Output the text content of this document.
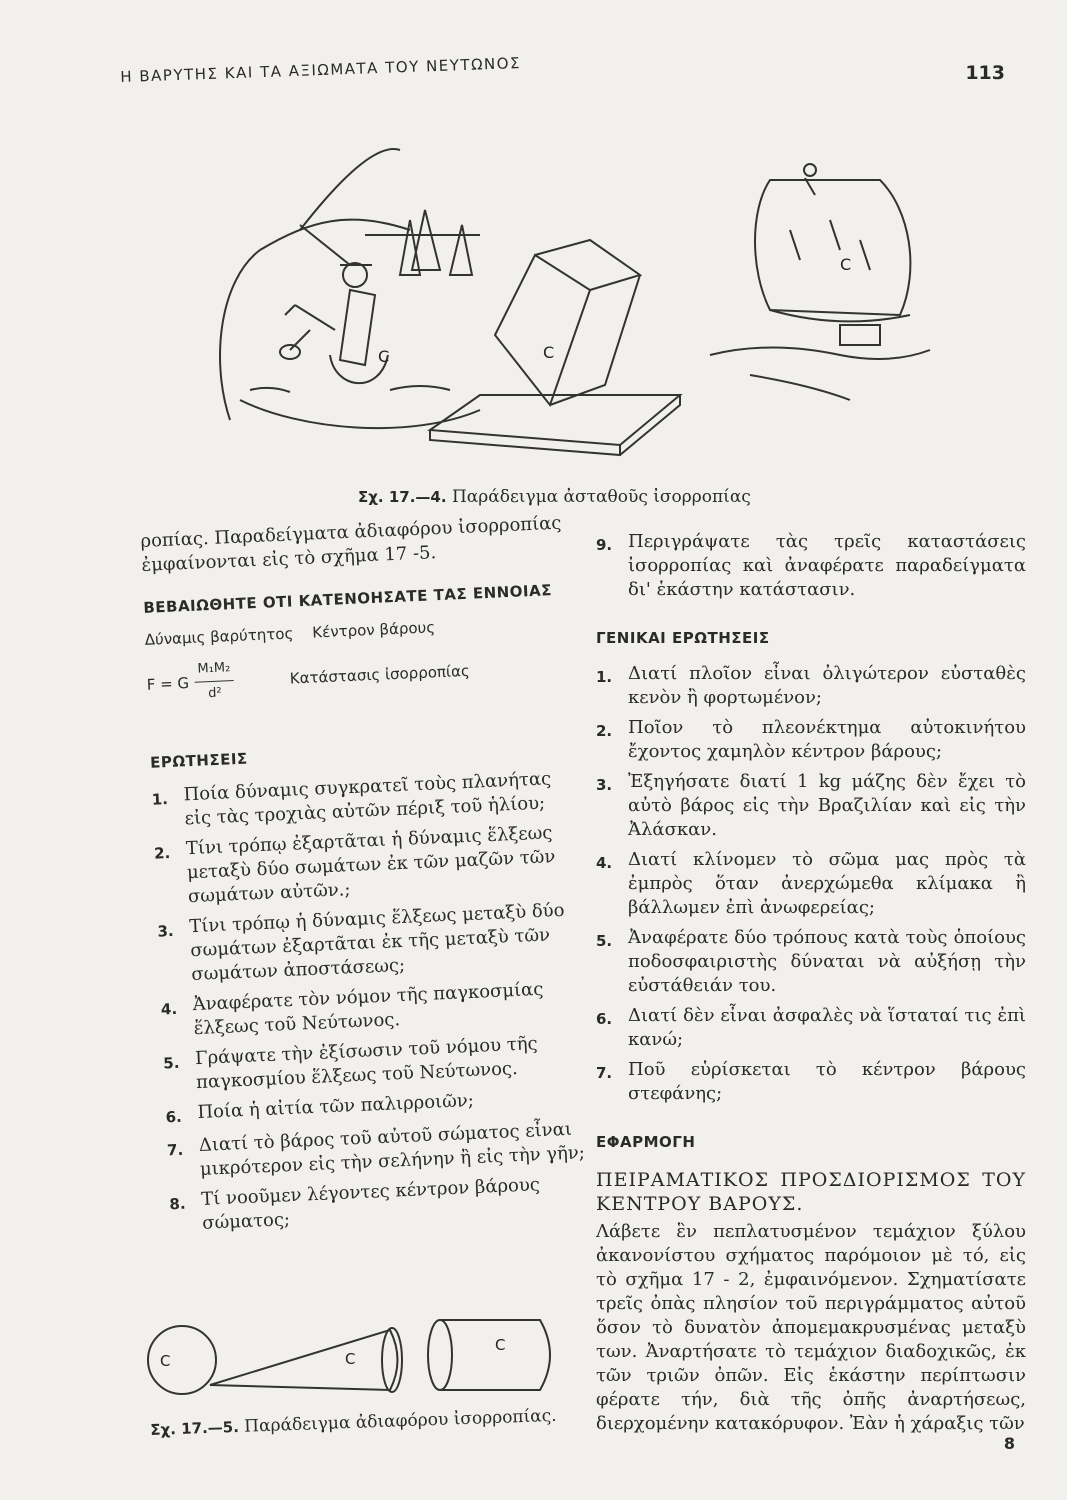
Η ΒΑΡΥΤΗΣ ΚΑΙ ΤΑ ΑΞΙΩΜΑΤΑ ΤΟΥ ΝΕΥΤΩΝΟΣ	113
C	C
C
Σχ. 17.—4. Παράδειγμα ἀσταθοῦς ἰσορροπίας

ροπίας. Παραδείγματα ἀδιαφόρου ἰσορροπίας ἐμφαίνονται εἰς τὸ σχῆμα 17 -5.

ΒΕΒΑΙΩΘΗΤΕ ΟΤΙ ΚΑΤΕΝΟΗΣΑΤΕ ΤΑΣ ΕΝΝΟΙΑΣ
Δύναμις βαρύτητος Κέντρον βάρους
F = G $\frac{\text{M₁M₂}}{\text{d²}}$	Κατάστασις ἰσορροπίας
ΕΡΩΤΗΣΕΙΣ
1. Ποία δύναμις συγκρατεῖ τοὺς πλανήτας εἰς τὰς τροχιὰς αὐτῶν πέριξ τοῦ ἡλίου;
2. Τίνι τρόπῳ ἐξαρτᾶται ἡ δύναμις ἕλξεως μεταξὺ δύο σωμάτων ἐκ τῶν μαζῶν τῶν σωμάτων αὐτῶν.;
3. Τίνι τρόπῳ ἡ δύναμις ἕλξεως μεταξὺ δύο σωμάτων ἐξαρτᾶται ἐκ τῆς μεταξὺ τῶν σωμάτων ἀποστάσεως;
4. Ἀναφέρατε τὸν νόμον τῆς παγκοσμίας ἕλξεως τοῦ Νεύτωνος.
5. Γράψατε τὴν ἐξίσωσιν τοῦ νόμου τῆς παγκοσμίου ἕλξεως τοῦ Νεύτωνος.
6. Ποία ἡ αἰτία τῶν παλιρροιῶν;
7. Διατί τὸ βάρος τοῦ αὐτοῦ σώματος εἶναι μικρότερον εἰς τὴν σελήνην ἢ εἰς τὴν γῆν;
8. Τί νοοῦμεν λέγοντες κέντρον βάρους σώματος;
C	C
C
Σχ. 17.—5. Παράδειγμα ἀδιαφόρου ἰσορροπίας.
9. Περιγράψατε τὰς τρεῖς καταστάσεις ἰσορροπίας καὶ ἀναφέρατε παραδείγματα δι' ἑκάστην κατάστασιν.
ΓΕΝΙΚΑΙ ΕΡΩΤΗΣΕΙΣ
1. Διατί πλοῖον εἶναι ὀλιγώτερον εὐσταθὲς κενὸν ἢ φορτωμένον;
2. Ποῖον τὸ πλεονέκτημα αὐτοκινήτου ἔχοντος χαμηλὸν κέντρον βάρους;
3. Ἐξηγήσατε διατί 1 kg μάζης δὲν ἔχει τὸ αὐτὸ βάρος εἰς τὴν Βραζιλίαν καὶ εἰς τὴν Ἀλάσκαν.
4. Διατί κλίνομεν τὸ σῶμα μας πρὸς τὰ ἐμπρὸς ὅταν ἀνερχώμεθα κλίμακα ἢ βάλλωμεν ἐπὶ ἀνωφερείας;
5. Ἀναφέρατε δύο τρόπους κατὰ τοὺς ὁποίους ποδοσφαιριστὴς δύναται νὰ αὐξήσῃ τὴν εὐστάθειάν του.
6. Διατί δὲν εἶναι ἀσφαλὲς νὰ ἵσταταί τις ἐπὶ κανώ;
7. Ποῦ εὑρίσκεται τὸ κέντρον βάρους στεφάνης;
ΕΦΑΡΜΟΓΗ
ΠΕΙΡΑΜΑΤΙΚΟΣ ΠΡΟΣΔΙΟΡΙΣΜΟΣ ΤΟΥ ΚΕΝΤΡΟΥ ΒΑΡΟΥΣ.

Λάβετε ἓν πεπλατυσμένον τεμάχιον ξύλου ἀκανονίστου σχήματος παρόμοιον μὲ τό, εἰς τὸ σχῆμα 17 - 2, ἐμφαινόμενον. Σχηματίσατε τρεῖς ὀπὰς πλησίον τοῦ περιγράμματος αὐτοῦ ὅσον τὸ δυνατὸν ἀπομεμακρυσμένας μεταξὺ των. Ἀναρτήσατε τὸ τεμάχιον διαδοχικῶς, ἐκ τῶν τριῶν ὀπῶν. Εἰς ἑκάστην περίπτωσιν φέρατε τήν, διὰ τῆς ὀπῆς ἀναρτήσεως, διερχομένην κατακόρυφον. Ἐὰν ἡ χάραξις τῶν

8
